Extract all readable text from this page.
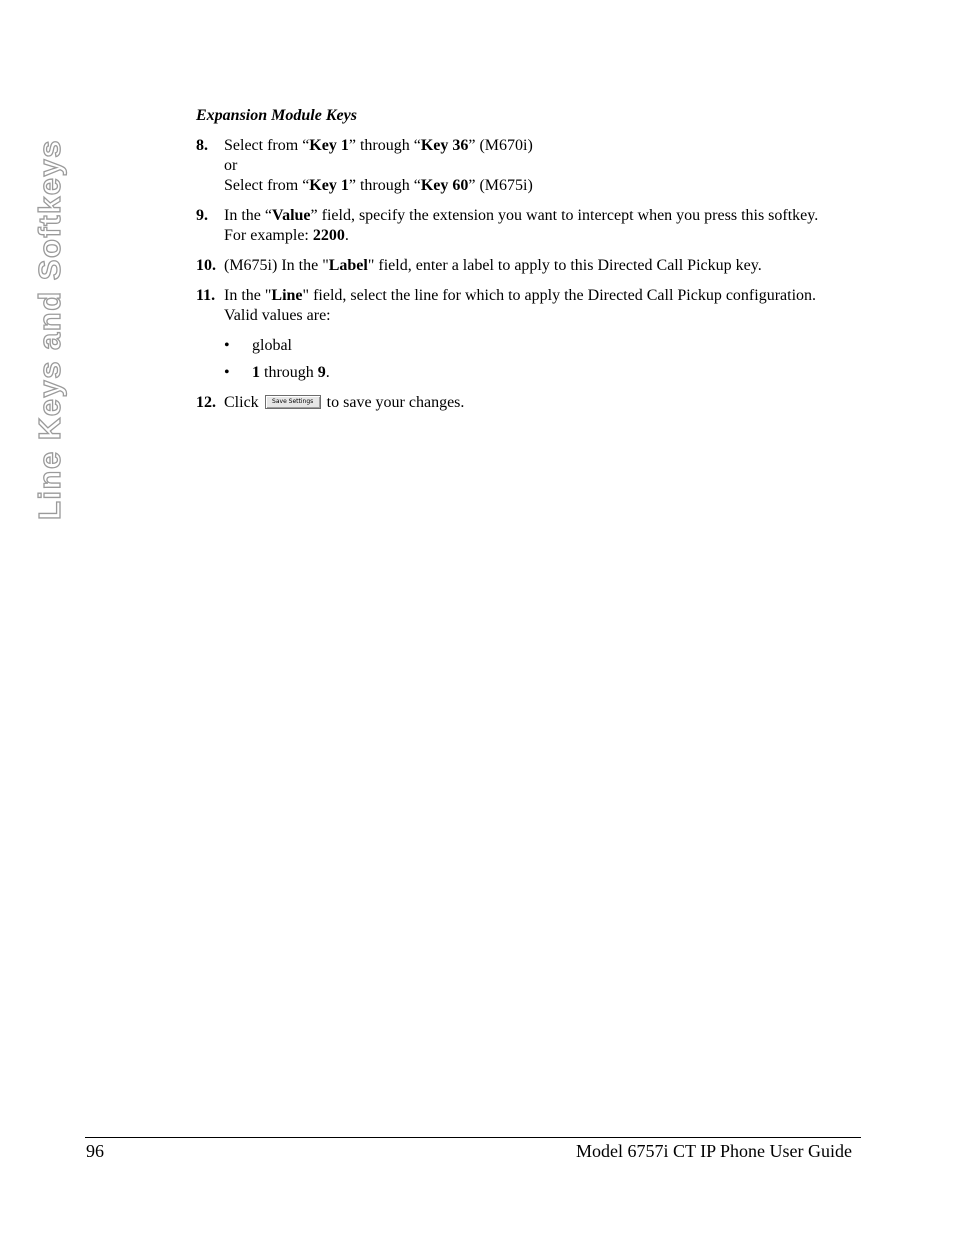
Line Keys and Softkeys
Expansion Module Keys
8. Select from “Key 1” through “Key 36” (M670i)
or
Select from “Key 1” through “Key 60” (M675i)
9. In the “Value” field, specify the extension you want to intercept when you press this softkey.
For example: 2200.
10. (M675i) In the "Label" field, enter a label to apply to this Directed Call Pickup key.
11. In the "Line" field, select the line for which to apply the Directed Call Pickup configuration.
Valid values are:
• global
• 1 through 9.
12. Click Save Settings to save your changes.
96	Model 6757i CT IP Phone User Guide
